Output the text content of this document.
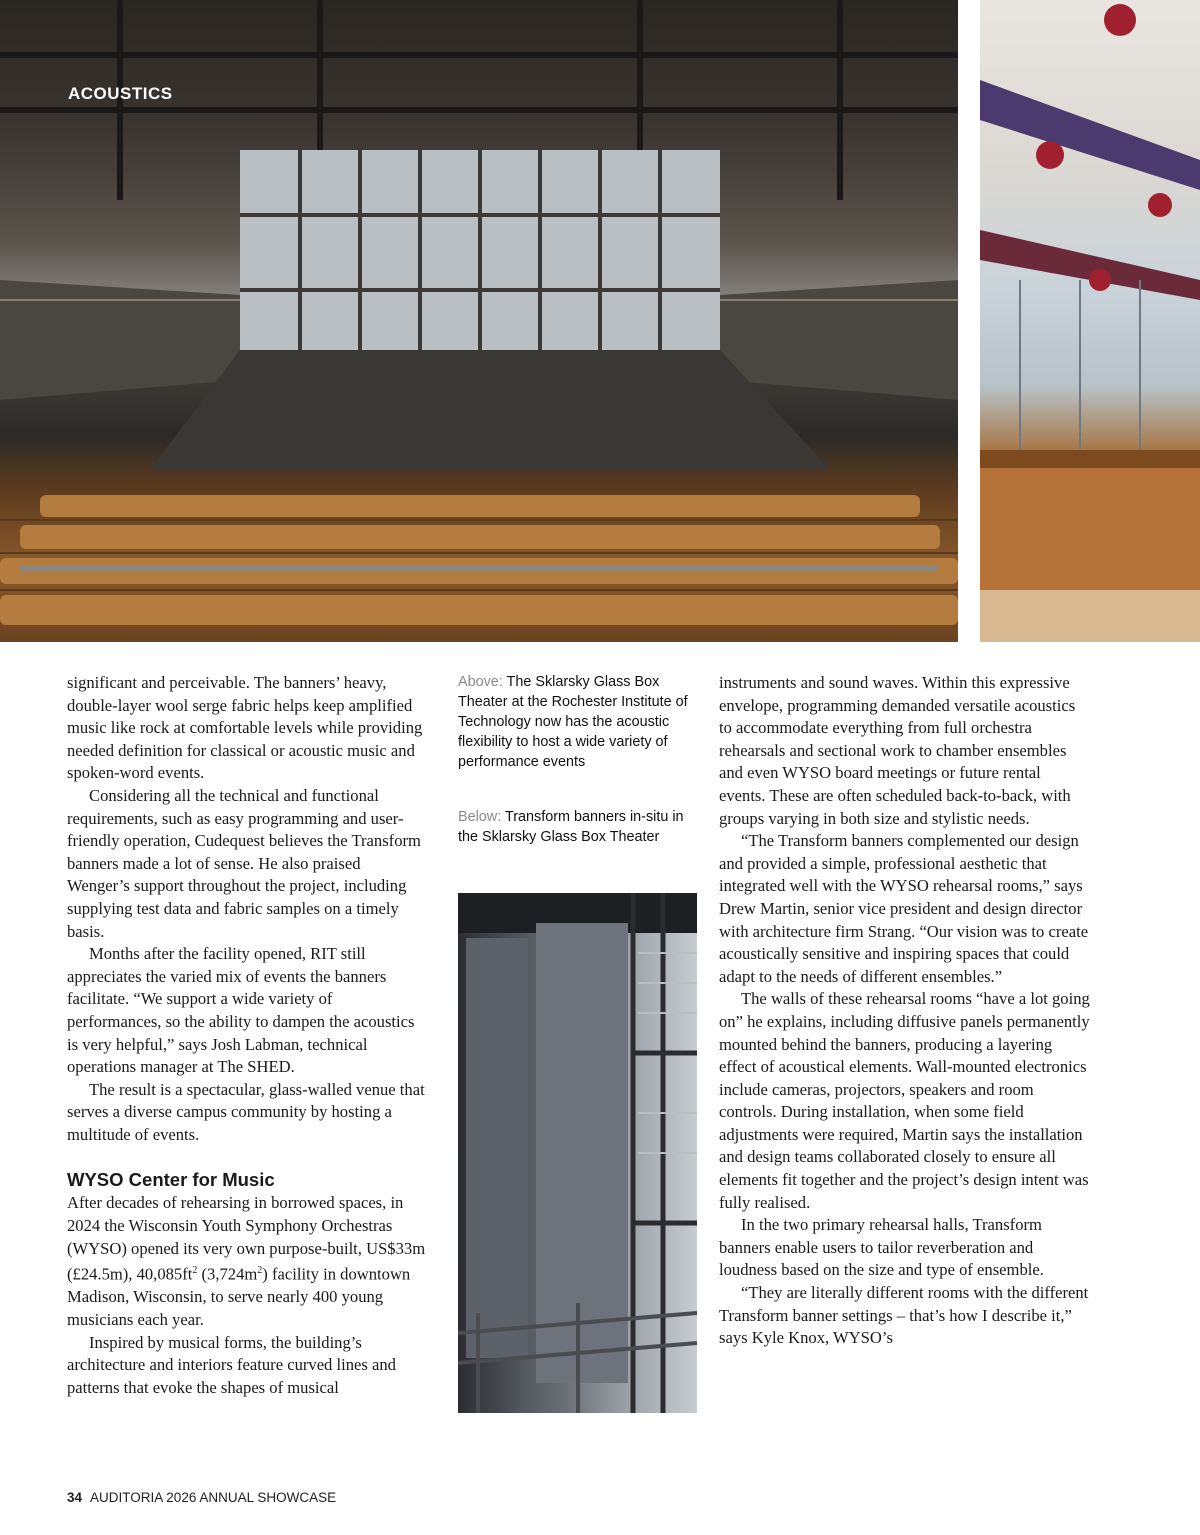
ACOUSTICS

significant and perceivable. The banners’ heavy, double-layer wool serge fabric helps keep amplified music like rock at comfortable levels while providing needed definition for classical or acoustic music and spoken-word events.

Considering all the technical and functional requirements, such as easy programming and user-friendly operation, Cudequest believes the Transform banners made a lot of sense. He also praised Wenger’s support throughout the project, including supplying test data and fabric samples on a timely basis.

Months after the facility opened, RIT still appreciates the varied mix of events the banners facilitate. “We support a wide variety of performances, so the ability to dampen the acoustics is very helpful,” says Josh Labman, technical operations manager at The SHED.

The result is a spectacular, glass-walled venue that serves a diverse campus community by hosting a multitude of events.

WYSO Center for Music

After decades of rehearsing in borrowed spaces, in 2024 the Wisconsin Youth Symphony Orchestras (WYSO) opened its very own purpose-built, US$33m (£24.5m), $40,085ft^2$ $(3,724m^2)$ facility in downtown Madison, Wisconsin, to serve nearly 400 young musicians each year.

Inspired by musical forms, the building’s architecture and interiors feature curved lines and patterns that evoke the shapes of musical

Above: The Sklarsky Glass Box Theater at the Rochester Institute of Technology now has the acoustic flexibility to host a wide variety of performance events

Below: Transform banners in-situ in the Sklarsky Glass Box Theater

instruments and sound waves. Within this expressive envelope, programming demanded versatile acoustics to accommodate everything from full orchestra rehearsals and sectional work to chamber ensembles and even WYSO board meetings or future rental events. These are often scheduled back-to-back, with groups varying in both size and stylistic needs.

“The Transform banners complemented our design and provided a simple, professional aesthetic that integrated well with the WYSO rehearsal rooms,” says Drew Martin, senior vice president and design director with architecture firm Strang. “Our vision was to create acoustically sensitive and inspiring spaces that could adapt to the needs of different ensembles.”

The walls of these rehearsal rooms “have a lot going on” he explains, including diffusive panels permanently mounted behind the banners, producing a layering effect of acoustical elements. Wall-mounted electronics include cameras, projectors, speakers and room controls. During installation, when some field adjustments were required, Martin says the installation and design teams collaborated closely to ensure all elements fit together and the project’s design intent was fully realised.

In the two primary rehearsal halls, Transform banners enable users to tailor reverberation and loudness based on the size and type of ensemble.

“They are literally different rooms with the different Transform banner settings – that’s how I describe it,” says Kyle Knox, WYSO’s

34 AUDITORIA 2026 ANNUAL SHOWCASE
